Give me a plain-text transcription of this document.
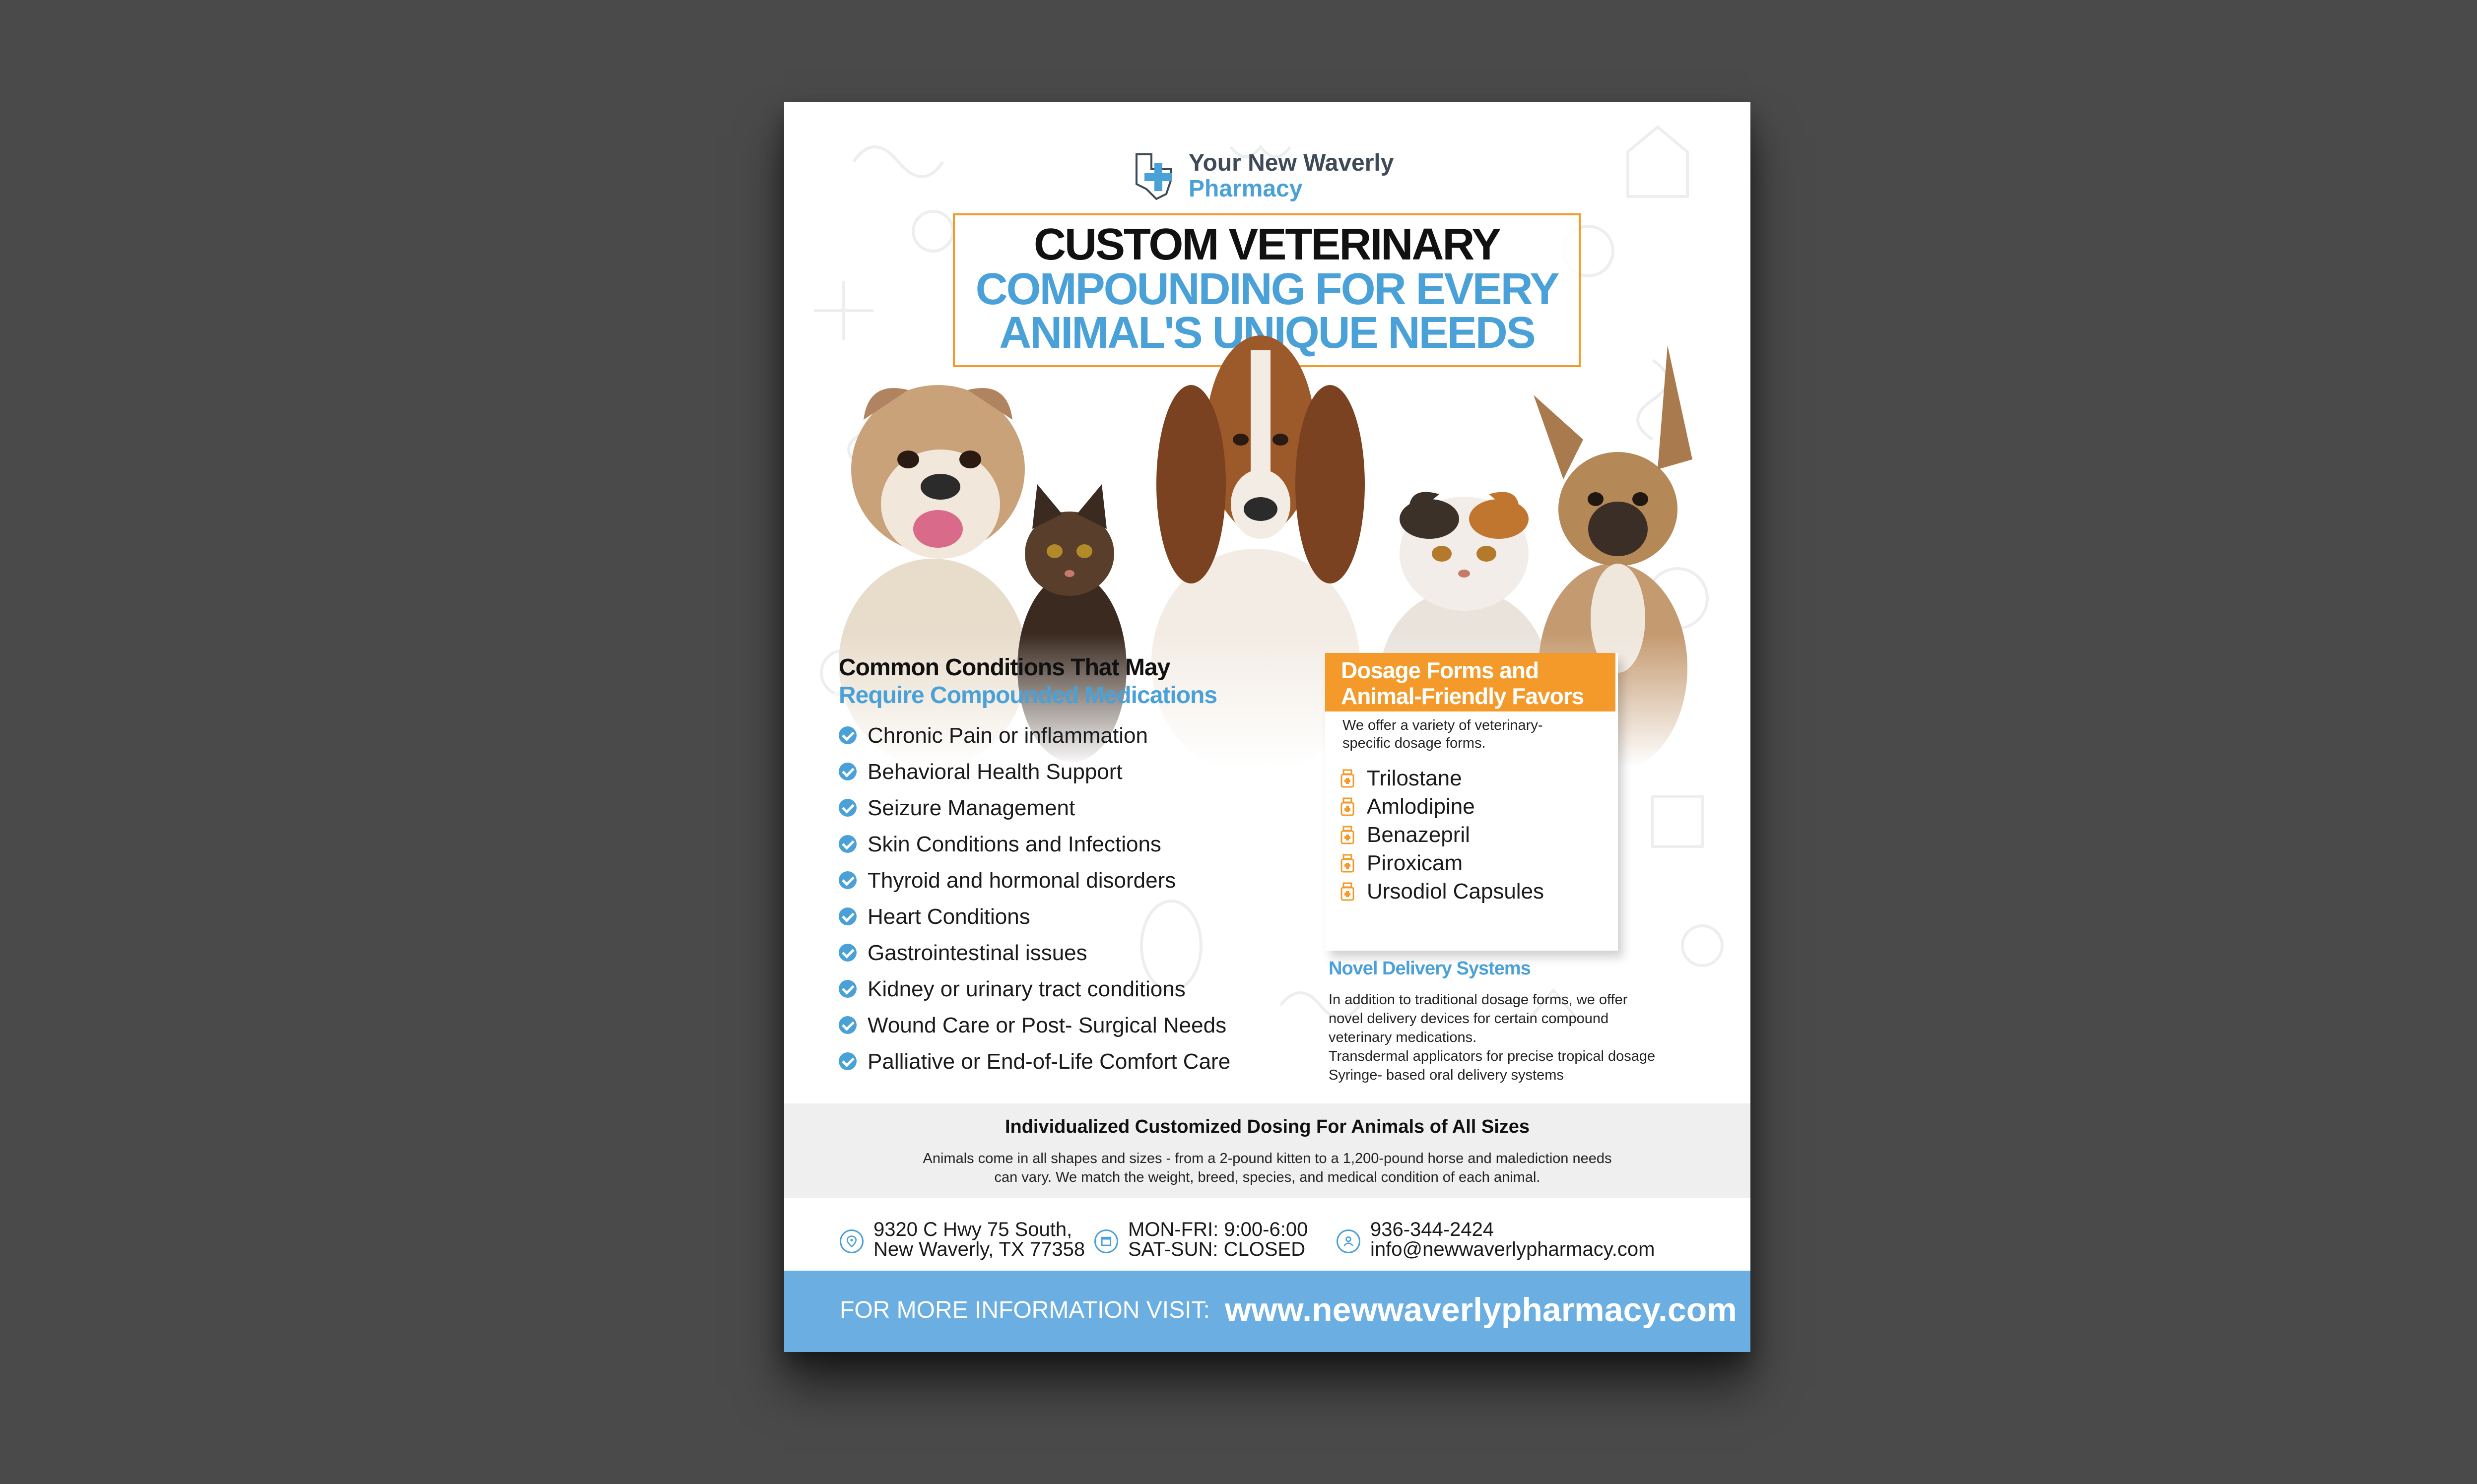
Your New Waverly
Pharmacy
CUSTOM VETERINARY
COMPOUNDING FOR EVERY
Common Conditions That May
Require Compounded Medications
Chronic Pain or inflammation
Behavioral Health Support
Seizure Management
Skin Conditions and Infections
Thyroid and hormonal disorders
Heart Conditions
Gastrointestinal issues
Kidney or urinary tract conditions
Wound Care or Post- Surgical Needs
Palliative or End-of-Life Comfort Care
Dosage Forms and
Animal-Friendly Favors
We offer a variety of veterinary-
specific dosage forms.
Trilostane
Amlodipine
Benazepril
Piroxicam
Ursodiol Capsules
Novel Delivery Systems
In addition to traditional dosage forms, we offer
novel delivery devices for certain compound
veterinary medications.
Transdermal applicators for precise tropical dosage
Syringe- based oral delivery systems
Individualized Customized Dosing For Animals of All Sizes
Animals come in all shapes and sizes - from a 2-pound kitten to a 1,200-pound horse and malediction needs
can vary. We match the weight, breed, species, and medical condition of each animal.
9320 C Hwy 75 South,
New Waverly, TX 77358
MON-FRI: 9:00-6:00
SAT-SUN: CLOSED
936-344-2424
info@newwaverlypharmacy.com
FOR MORE INFORMATION VISIT: www.newwaverlypharmacy.com
